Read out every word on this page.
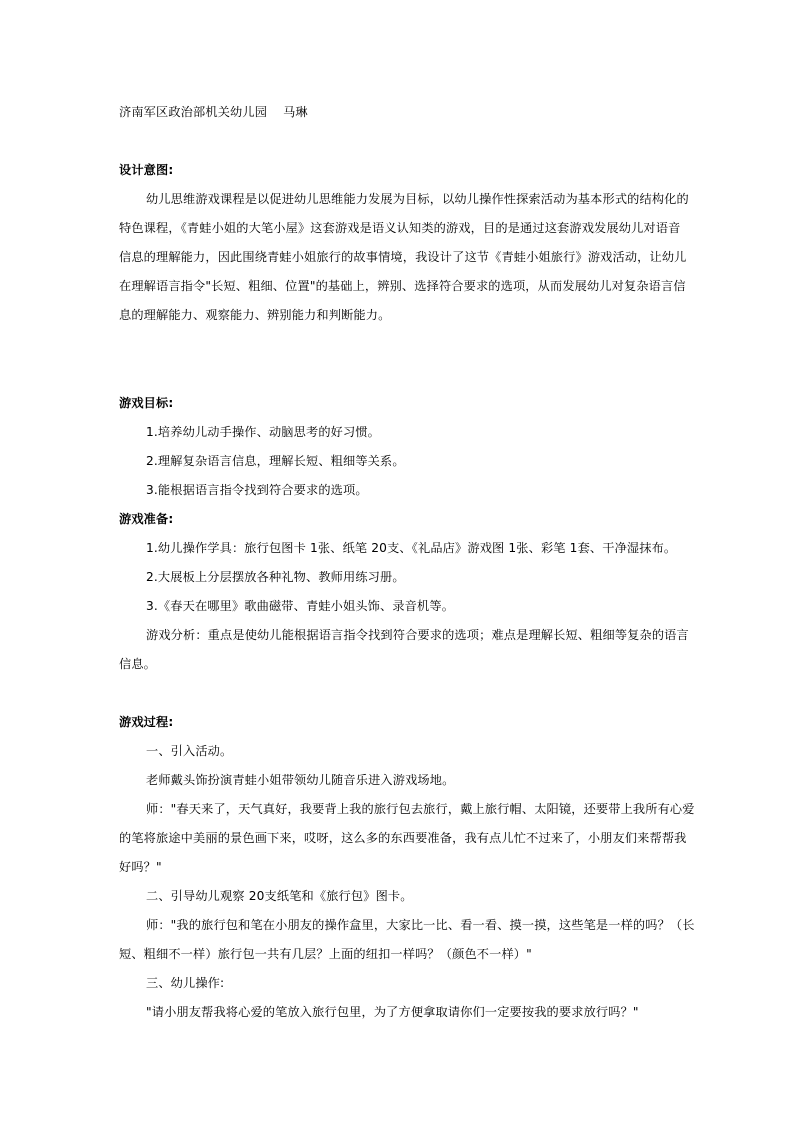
济南军区政治部机关幼儿园 马琳
设计意图:
幼儿思维游戏课程是以促进幼儿思维能力发展为目标，以幼儿操作性探索活动为基本形式的结构化的
特色课程，《青蛙小姐的大笔小屋》这套游戏是语义认知类的游戏，目的是通过这套游戏发展幼儿对语音
信息的理解能力，因此围绕青蛙小姐旅行的故事情境，我设计了这节《青蛙小姐旅行》游戏活动，让幼儿
在理解语言指令"长短、粗细、位置"的基础上，辨别、选择符合要求的选项，从而发展幼儿对复杂语言信
息的理解能力、观察能力、辨别能力和判断能力。
游戏目标:
1.培养幼儿动手操作、动脑思考的好习惯。
2.理解复杂语言信息，理解长短、粗细等关系。
3.能根据语言指令找到符合要求的选项。
游戏准备:
1.幼儿操作学具：旅行包图卡 1张、纸笔 20支、《礼品店》游戏图 1张、彩笔 1套、干净湿抹布。
2.大展板上分层摆放各种礼物、教师用练习册。
3.《春天在哪里》歌曲磁带、青蛙小姐头饰、录音机等。
游戏分析：重点是使幼儿能根据语言指令找到符合要求的选项；难点是理解长短、粗细等复杂的语言
信息。
游戏过程:
一、引入活动。
老师戴头饰扮演青蛙小姐带领幼儿随音乐进入游戏场地。
师："春天来了，天气真好，我要背上我的旅行包去旅行，戴上旅行帽、太阳镜，还要带上我所有心爱
的笔将旅途中美丽的景色画下来，哎呀，这么多的东西要准备，我有点儿忙不过来了，小朋友们来帮帮我
好吗？"
二、引导幼儿观察 20支纸笔和《旅行包》图卡。
师："我的旅行包和笔在小朋友的操作盒里，大家比一比、看一看、摸一摸，这些笔是一样的吗？（长
短、粗细不一样）旅行包一共有几层？上面的纽扣一样吗？（颜色不一样）"
三、幼儿操作:
"请小朋友帮我将心爱的笔放入旅行包里，为了方便拿取请你们一定要按我的要求放行吗？"
